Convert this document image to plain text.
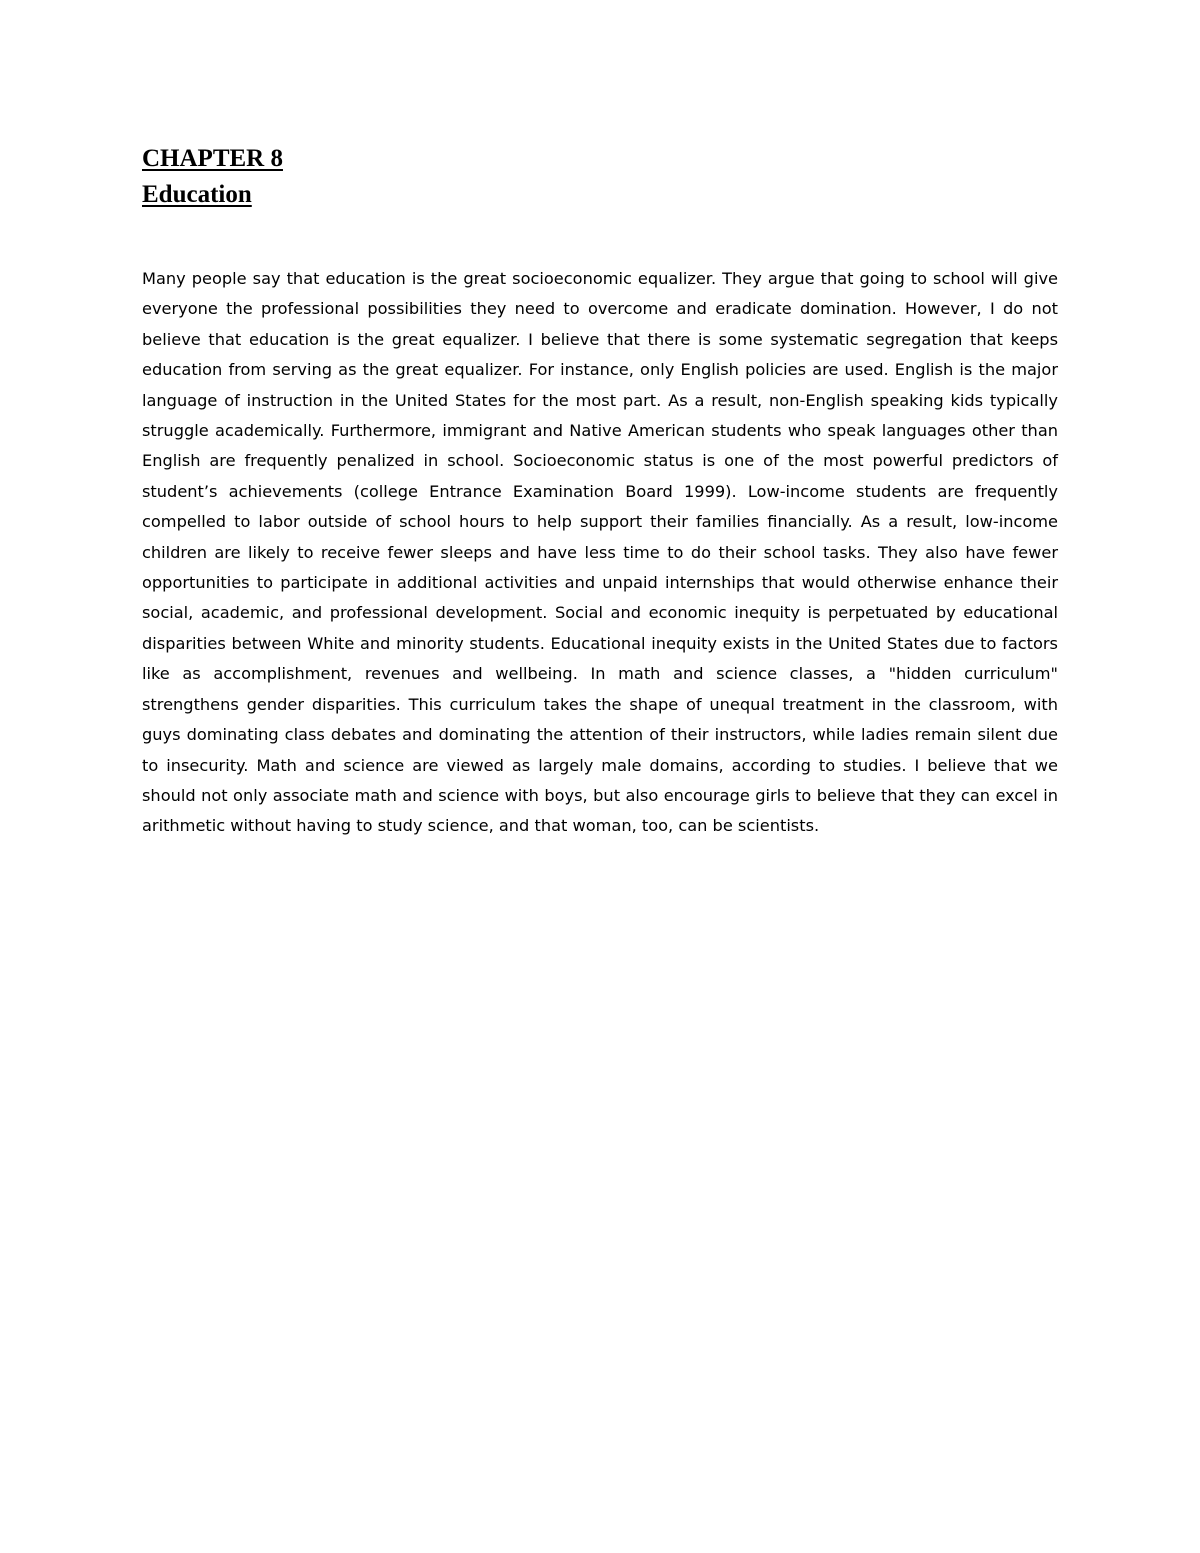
CHAPTER 8
Education

Many people say that education is the great socioeconomic equalizer. They argue that going to school will give everyone the professional possibilities they need to overcome and eradicate domination. However, I do not believe that education is the great equalizer. I believe that there is some systematic segregation that keeps education from serving as the great equalizer. For instance, only English policies are used. English is the major language of instruction in the United States for the most part. As a result, non-English speaking kids typically struggle academically. Furthermore, immigrant and Native American students who speak languages other than English are frequently penalized in school. Socioeconomic status is one of the most powerful predictors of student’s achievements (college Entrance Examination Board 1999). Low-income students are frequently compelled to labor outside of school hours to help support their families financially. As a result, low-income children are likely to receive fewer sleeps and have less time to do their school tasks. They also have fewer opportunities to participate in additional activities and unpaid internships that would otherwise enhance their social, academic, and professional development. Social and economic inequity is perpetuated by educational disparities between White and minority students. Educational inequity exists in the United States due to factors like as accomplishment, revenues and wellbeing. In math and science classes, a "hidden curriculum" strengthens gender disparities. This curriculum takes the shape of unequal treatment in the classroom, with guys dominating class debates and dominating the attention of their instructors, while ladies remain silent due to insecurity. Math and science are viewed as largely male domains, according to studies. I believe that we should not only associate math and science with boys, but also encourage girls to believe that they can excel in arithmetic without having to study science, and that woman, too, can be scientists.
